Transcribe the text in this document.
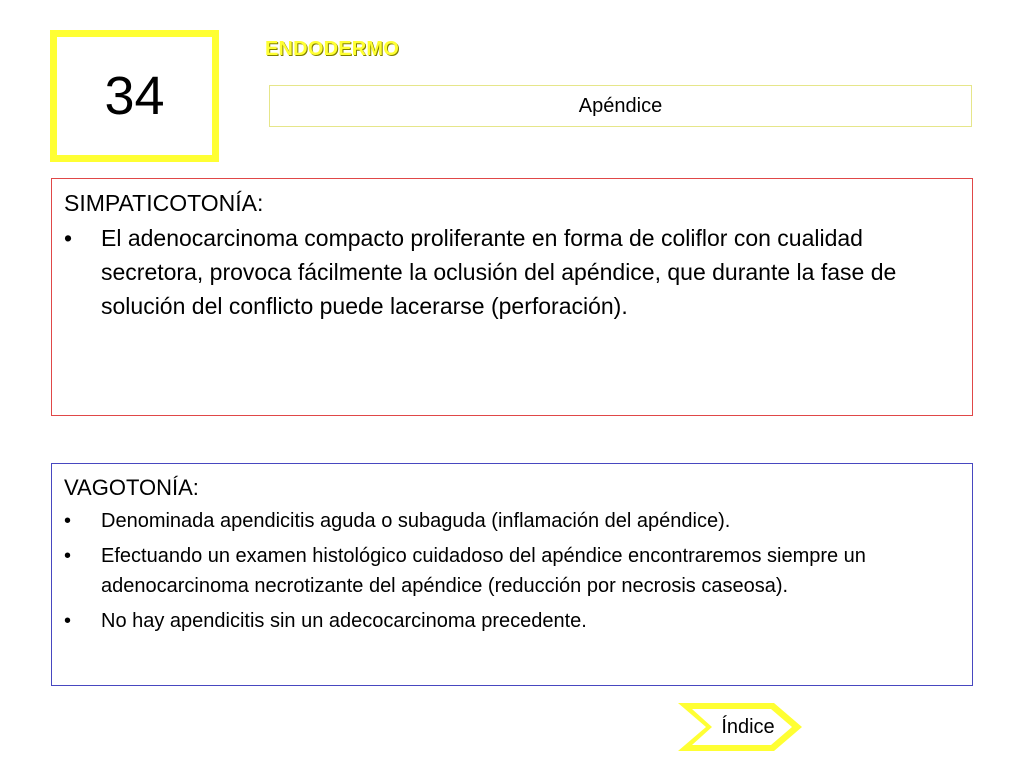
34
ENDODERMO
Apéndice
SIMPATICOTONÍA:
• El adenocarcinoma compacto proliferante en forma de coliflor con cualidad secretora, provoca fácilmente la oclusión del apéndice, que durante la fase de solución del conflicto puede lacerarse (perforación).
VAGOTONÍA:
• Denominada apendicitis aguda o subaguda (inflamación del apéndice).
• Efectuando un examen histológico cuidadoso del apéndice encontraremos siempre un adenocarcinoma necrotizante del apéndice (reducción por necrosis caseosa).
• No hay apendicitis sin un adecocarcinoma precedente.
Índice
